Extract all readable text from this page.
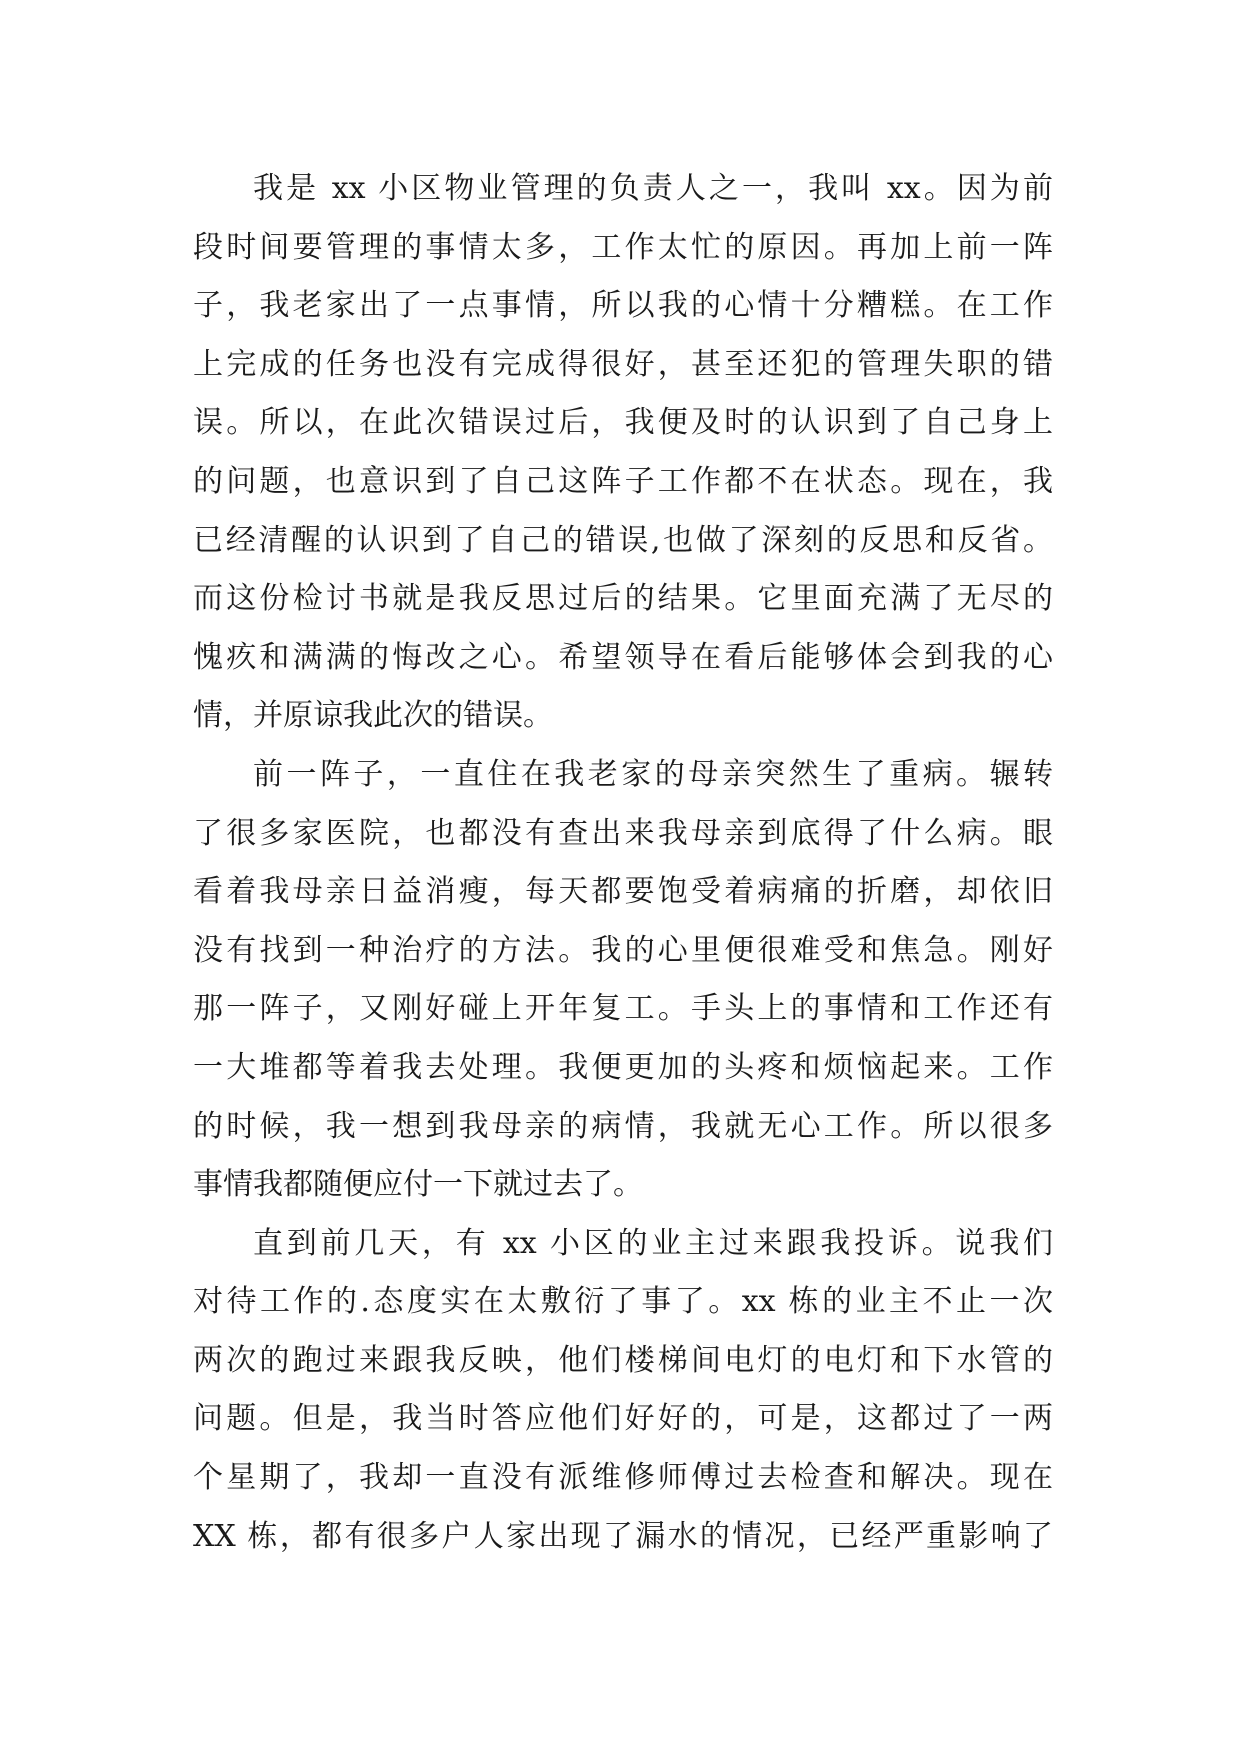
我是 xx 小区物业管理的负责人之一，我叫 xx。因为前
段时间要管理的事情太多，工作太忙的原因。再加上前一阵
子，我老家出了一点事情，所以我的心情十分糟糕。在工作
上完成的任务也没有完成得很好，甚至还犯的管理失职的错
误。所以，在此次错误过后，我便及时的认识到了自己身上
的问题，也意识到了自己这阵子工作都不在状态。现在，我
已经清醒的认识到了自己的错误,也做了深刻的反思和反省。
而这份检讨书就是我反思过后的结果。它里面充满了无尽的
愧疚和满满的悔改之心。希望领导在看后能够体会到我的心
情，并原谅我此次的错误。
前一阵子，一直住在我老家的母亲突然生了重病。辗转
了很多家医院，也都没有查出来我母亲到底得了什么病。眼
看着我母亲日益消瘦，每天都要饱受着病痛的折磨，却依旧
没有找到一种治疗的方法。我的心里便很难受和焦急。刚好
那一阵子，又刚好碰上开年复工。手头上的事情和工作还有
一大堆都等着我去处理。我便更加的头疼和烦恼起来。工作
的时候，我一想到我母亲的病情，我就无心工作。所以很多
事情我都随便应付一下就过去了。
直到前几天，有 xx 小区的业主过来跟我投诉。说我们
对待工作的.态度实在太敷衍了事了。xx 栋的业主不止一次
两次的跑过来跟我反映，他们楼梯间电灯的电灯和下水管的
问题。但是，我当时答应他们好好的，可是，这都过了一两
个星期了，我却一直没有派维修师傅过去检查和解决。现在
XX 栋，都有很多户人家出现了漏水的情况，已经严重影响了
